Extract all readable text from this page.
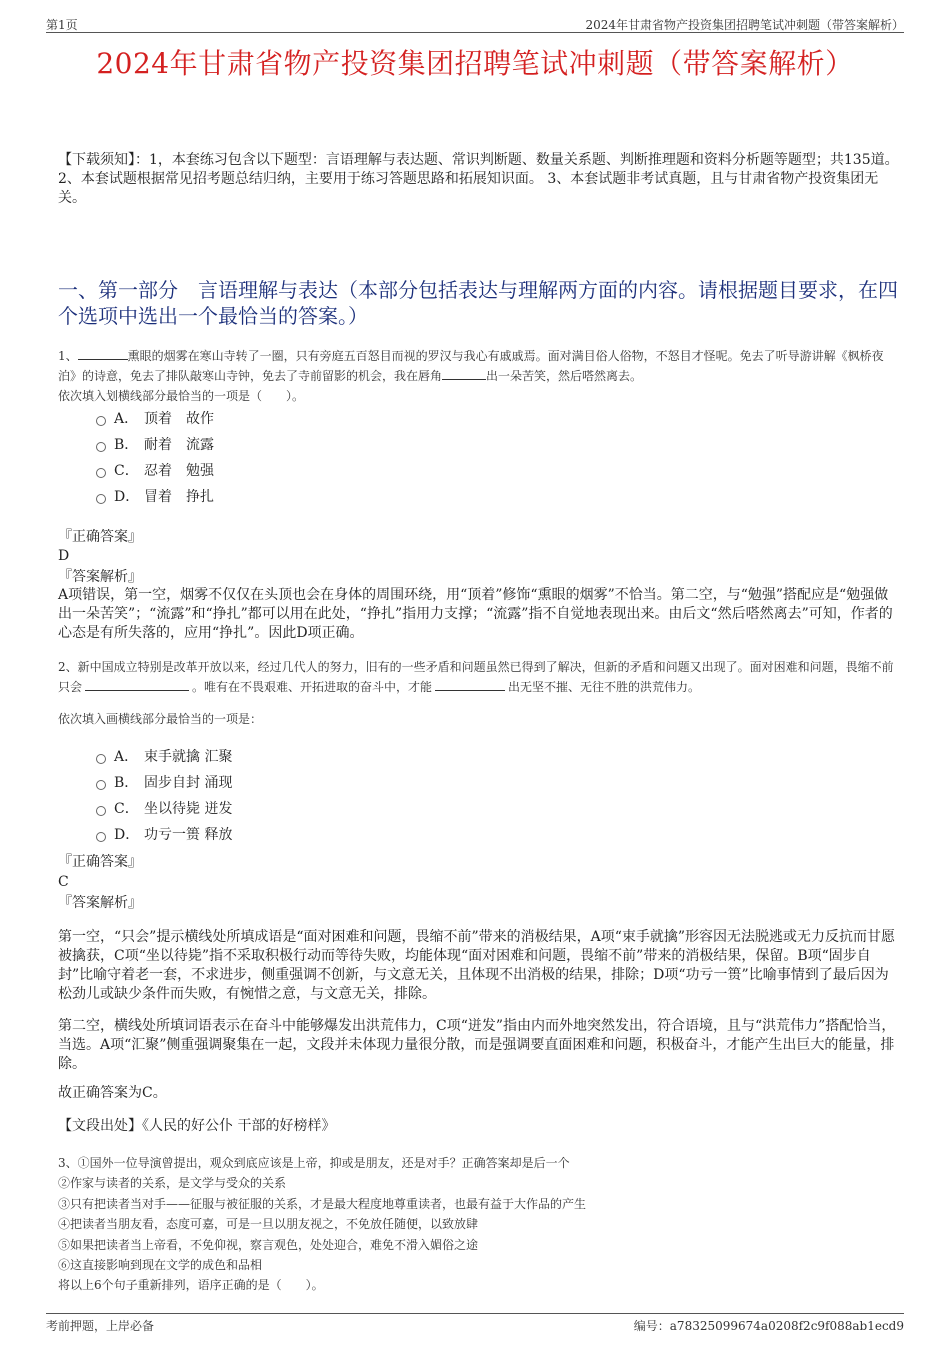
第1页	2024年甘肃省物产投资集团招聘笔试冲刺题（带答案解析）
2024年甘肃省物产投资集团招聘笔试冲刺题（带答案解析）
【下载须知】：1，本套练习包含以下题型：言语理解与表达题、常识判断题、数量关系题、判断推理题和资料分析题等题型；共135道。 2、本套试题根据常见招考题总结归纳，主要用于练习答题思路和拓展知识面。 3、本套试题非考试真题，且与甘肃省物产投资集团无关。
一、第一部分　言语理解与表达（本部分包括表达与理解两方面的内容。请根据题目要求，在四个选项中选出一个最恰当的答案。）
1、	熏眼的烟雾在寒山寺转了一圈，只有旁庭五百怒目而视的罗汉与我心有戚戚焉。面对满目俗人俗物，不怒目才怪呢。免去了听导游讲解《枫桥夜泊》的诗意，免去了排队敲寒山寺钟，免去了寺前留影的机会，我在唇角	出一朵苦笑，然后嗒然离去。
依次填入划横线部分最恰当的一项是（　　）。
A． 顶着　故作
B． 耐着　流露
C． 忍着　勉强
D． 冒着　挣扎
『正确答案』
D
『答案解析』
A项错误，第一空，烟雾不仅仅在头顶也会在身体的周围环绕，用“顶着”修饰“熏眼的烟雾”不恰当。第二空，与“勉强”搭配应是“勉强做出一朵苦笑”；“流露”和“挣扎”都可以用在此处，“挣扎”指用力支撑；“流露”指不自觉地表现出来。由后文“然后嗒然离去”可知，作者的心态是有所失落的，应用“挣扎”。因此D项正确。
2、新中国成立特别是改革开放以来，经过几代人的努力，旧有的一些矛盾和问题虽然已得到了解决，但新的矛盾和问题又出现了。面对困难和问题，畏缩不前只会	。唯有在不畏艰难、开拓进取的奋斗中，才能	出无坚不摧、无往不胜的洪荒伟力。
依次填入画横线部分最恰当的一项是：
A． 束手就擒 汇聚
B． 固步自封 涌现
C． 坐以待毙 迸发
D． 功亏一篑 释放
『正确答案』
C
『答案解析』
第一空，“只会”提示横线处所填成语是“面对困难和问题，畏缩不前”带来的消极结果，A项“束手就擒”形容因无法脱逃或无力反抗而甘愿被擒获，C项“坐以待毙”指不采取积极行动而等待失败，均能体现“面对困难和问题，畏缩不前”带来的消极结果，保留。B项“固步自封”比喻守着老一套，不求进步，侧重强调不创新，与文意无关，且体现不出消极的结果，排除；D项“功亏一篑”比喻事情到了最后因为松劲儿或缺少条件而失败，有惋惜之意，与文意无关，排除。
第二空，横线处所填词语表示在奋斗中能够爆发出洪荒伟力，C项“迸发”指由内而外地突然发出，符合语境，且与“洪荒伟力”搭配恰当，当选。A项“汇聚”侧重强调聚集在一起，文段并未体现力量很分散，而是强调要直面困难和问题，积极奋斗，才能产生出巨大的能量，排除。
故正确答案为C。
【文段出处】《人民的好公仆 干部的好榜样》
3、①国外一位导演曾提出，观众到底应该是上帝，抑或是朋友，还是对手？正确答案却是后一个
②作家与读者的关系，是文学与受众的关系
③只有把读者当对手——征服与被征服的关系，才是最大程度地尊重读者，也最有益于大作品的产生
④把读者当朋友看，态度可嘉，可是一旦以朋友视之，不免放任随便，以致放肆
⑤如果把读者当上帝看，不免仰视，察言观色，处处迎合，难免不滑入媚俗之途
⑥这直接影响到现在文学的成色和品相
将以上6个句子重新排列，语序正确的是（　　）。
考前押题，上岸必备	编号：a78325099674a0208f2c9f088ab1ecd9
